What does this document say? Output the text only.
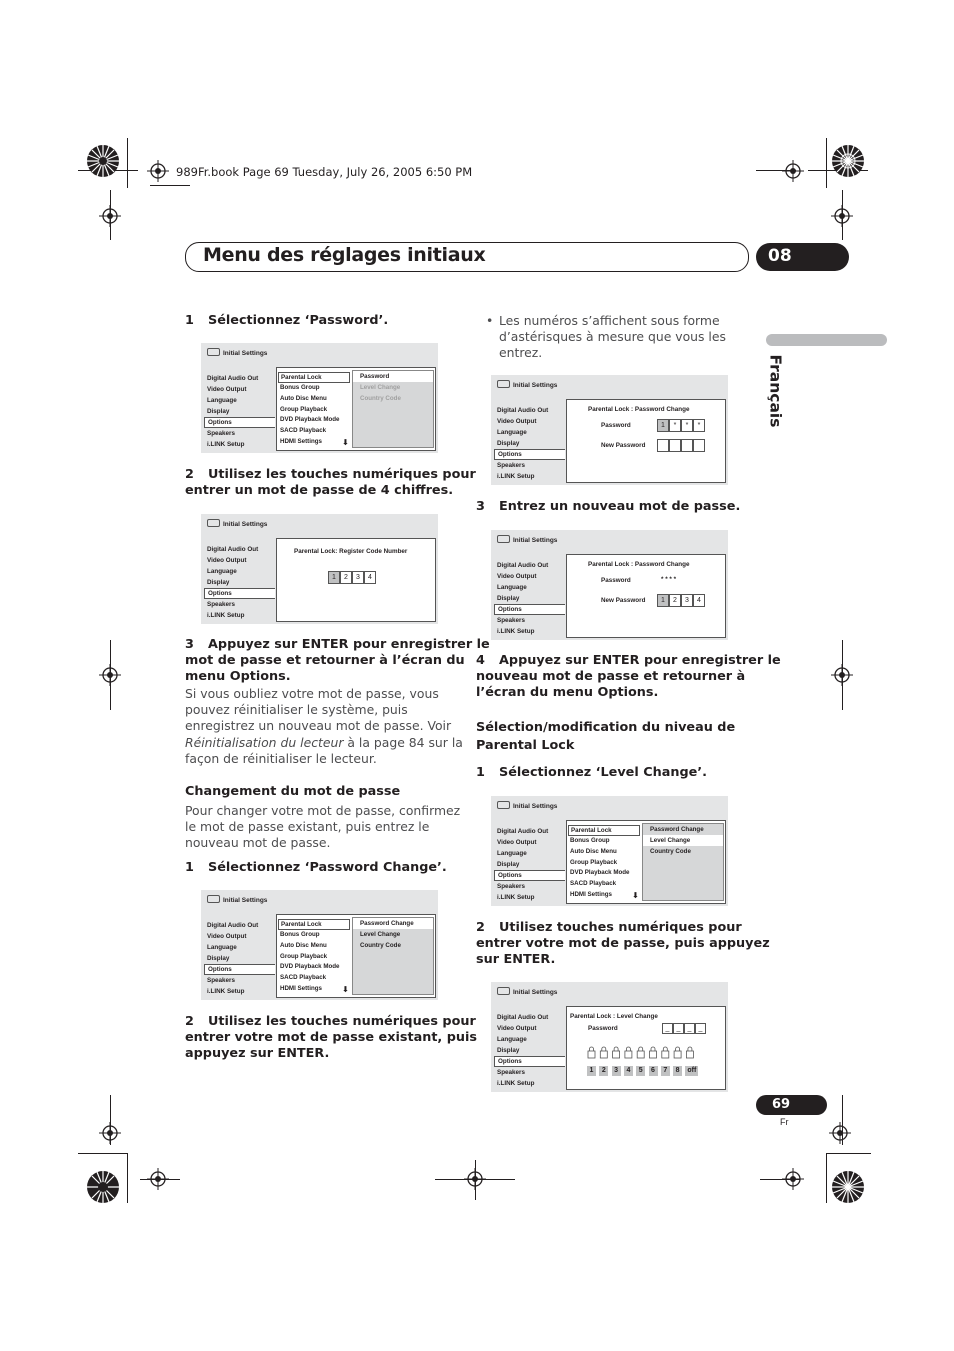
989Fr.book Page 69 Tuesday, July 26, 2005 6:50 PM
Menu des réglages initiaux	08
Français
1 Sélectionnez ‘Password’.
Initial Settings
Digital Audio Out
Video Output
Language
Display
Options
Speakers
i.LINK Setup
Parental Lock
Bonus Group
Auto Disc Menu
Group Playback
DVD Playback Mode
SACD Playback
HDMI Settings	⬇
Password
Level Change
Country Code
2 Utilisez les touches numériques pour
entrer un mot de passe de 4 chiffres.
Initial Settings
Digital Audio Out
Video Output
Language
Display
Options
Speakers
i.LINK Setup
Parental Lock: Register Code Number
1	2	3	4
3 Appuyez sur ENTER pour enregistrer le
mot de passe et retourner à l’écran du
menu Options.
Si vous oubliez votre mot de passe, vous
pouvez réinitialiser le système, puis
enregistrez un nouveau mot de passe. Voir
Réinitialisation du lecteur à la page 84 sur la
façon de réinitialiser le lecteur.
Changement du mot de passe
Pour changer votre mot de passe, confirmez
le mot de passe existant, puis entrez le
nouveau mot de passe.
1 Sélectionnez ‘Password Change’.
Initial Settings
Digital Audio Out
Video Output
Language
Display
Options
Speakers
i.LINK Setup
Parental Lock
Bonus Group
Auto Disc Menu
Group Playback
DVD Playback Mode
SACD Playback
HDMI Settings	⬇
Password Change
Level Change
Country Code
2 Utilisez les touches numériques pour
entrer votre mot de passe existant, puis
appuyez sur ENTER.
• Les numéros s’affichent sous forme
d’astérisques à mesure que vous les
entrez.
Initial Settings
Digital Audio Out
Video Output
Language
Display
Options
Speakers
i.LINK Setup
Parental Lock : Password Change
Password	1	*	*	*
New Password
3 Entrez un nouveau mot de passe.
Initial Settings
Digital Audio Out
Video Output
Language
Display
Options
Speakers
i.LINK Setup
Parental Lock : Password Change
Password	* * * *
New Password	1	2	3	4
4 Appuyez sur ENTER pour enregistrer le
nouveau mot de passe et retourner à
l’écran du menu Options.
Sélection/modification du niveau de
Parental Lock
1 Sélectionnez ‘Level Change’.
Initial Settings
Digital Audio Out
Video Output
Language
Display
Options
Speakers
i.LINK Setup
Parental Lock
Bonus Group
Auto Disc Menu
Group Playback
DVD Playback Mode
SACD Playback
HDMI Settings	⬇
Password Change
Level Change
Country Code
2 Utilisez touches numériques pour
entrer votre mot de passe, puis appuyez
sur ENTER.
Initial Settings
Digital Audio Out
Video Output
Language
Display
Options
Speakers
i.LINK Setup
Parental Lock : Level Change
Password	_	_	_	_
1	2	3	4	5	6	7	8	off
69
Fr
